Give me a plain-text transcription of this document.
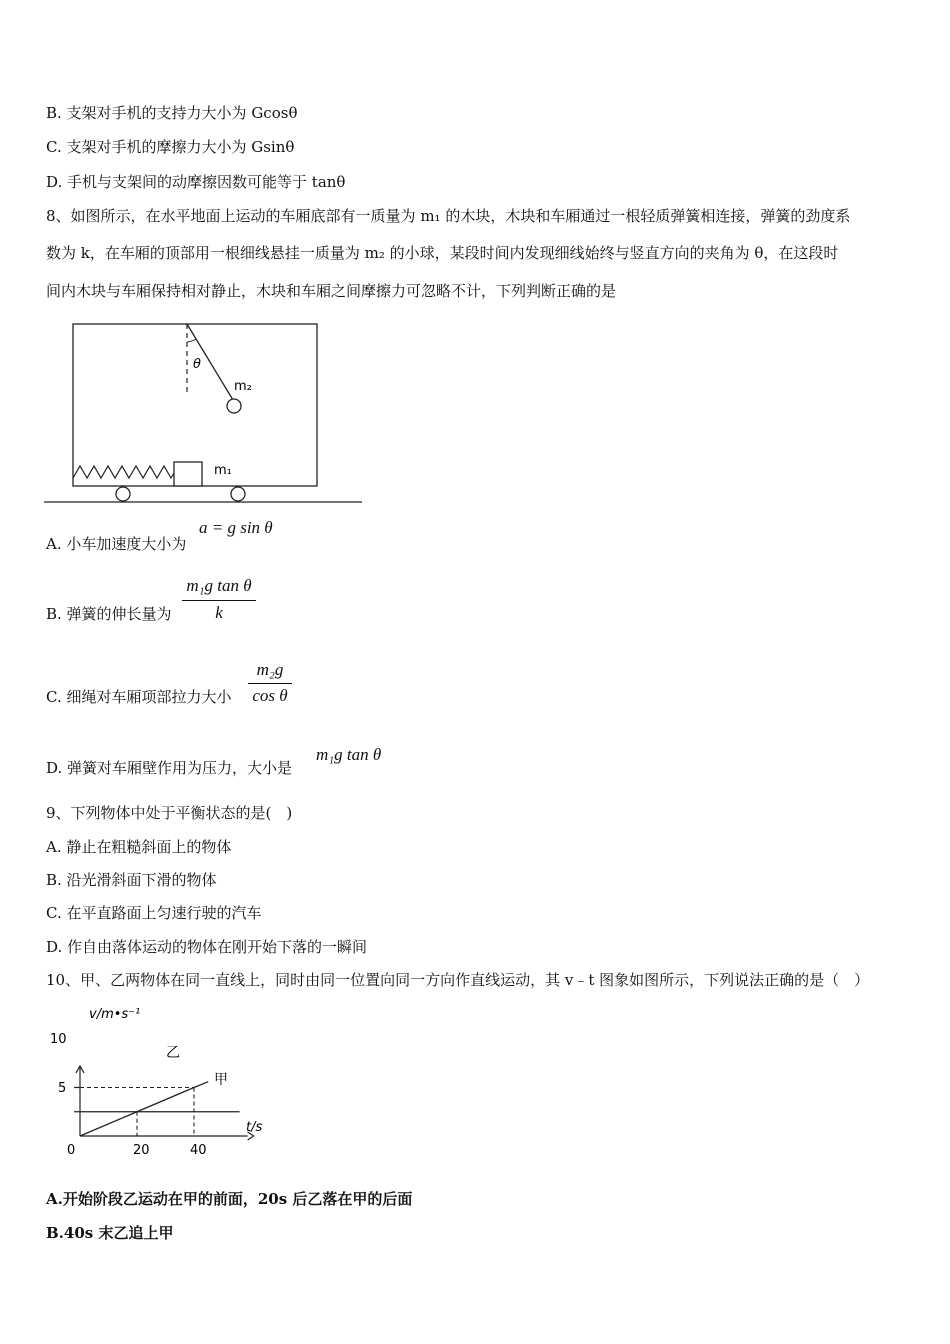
B. 支架对手机的支持力大小为 Gcosθ
C. 支架对手机的摩擦力大小为 Gsinθ
D. 手机与支架间的动摩擦因数可能等于 tanθ
8、如图所示，在水平地面上运动的车厢底部有一质量为 m₁ 的木块，木块和车厢通过一根轻质弹簧相连接，弹簧的劲度系
数为 k，在车厢的顶部用一根细线悬挂一质量为 m₂ 的小球，某段时间内发现细线始终与竖直方向的夹角为 θ，在这段时
间内木块与车厢保持相对静止，木块和车厢之间摩擦力可忽略不计，下列判断正确的是
θ
m₂
m₁
A. 小车加速度大小为
a = g sin θ
B. 弹簧的伸长量为
m₁g tan θ
k
C. 细绳对车厢项部拉力大小
m₂g
cos θ
D. 弹簧对车厢壁作用为压力，大小是
m₁g tan θ
9、下列物体中处于平衡状态的是(　)
A. 静止在粗糙斜面上的物体
B. 沿光滑斜面下滑的物体
C. 在平直路面上匀速行驶的汽车
D. 作自由落体运动的物体在刚开始下落的一瞬间
10、甲、乙两物体在同一直线上，同时由同一位置向同一方向作直线运动，其 v﹣t 图象如图所示，下列说法正确的是（　）
v/m•s⁻¹
t/s
0	20	40
5
10
甲
乙
A.开始阶段乙运动在甲的前面，20s 后乙落在甲的后面
B.40s 末乙追上甲
